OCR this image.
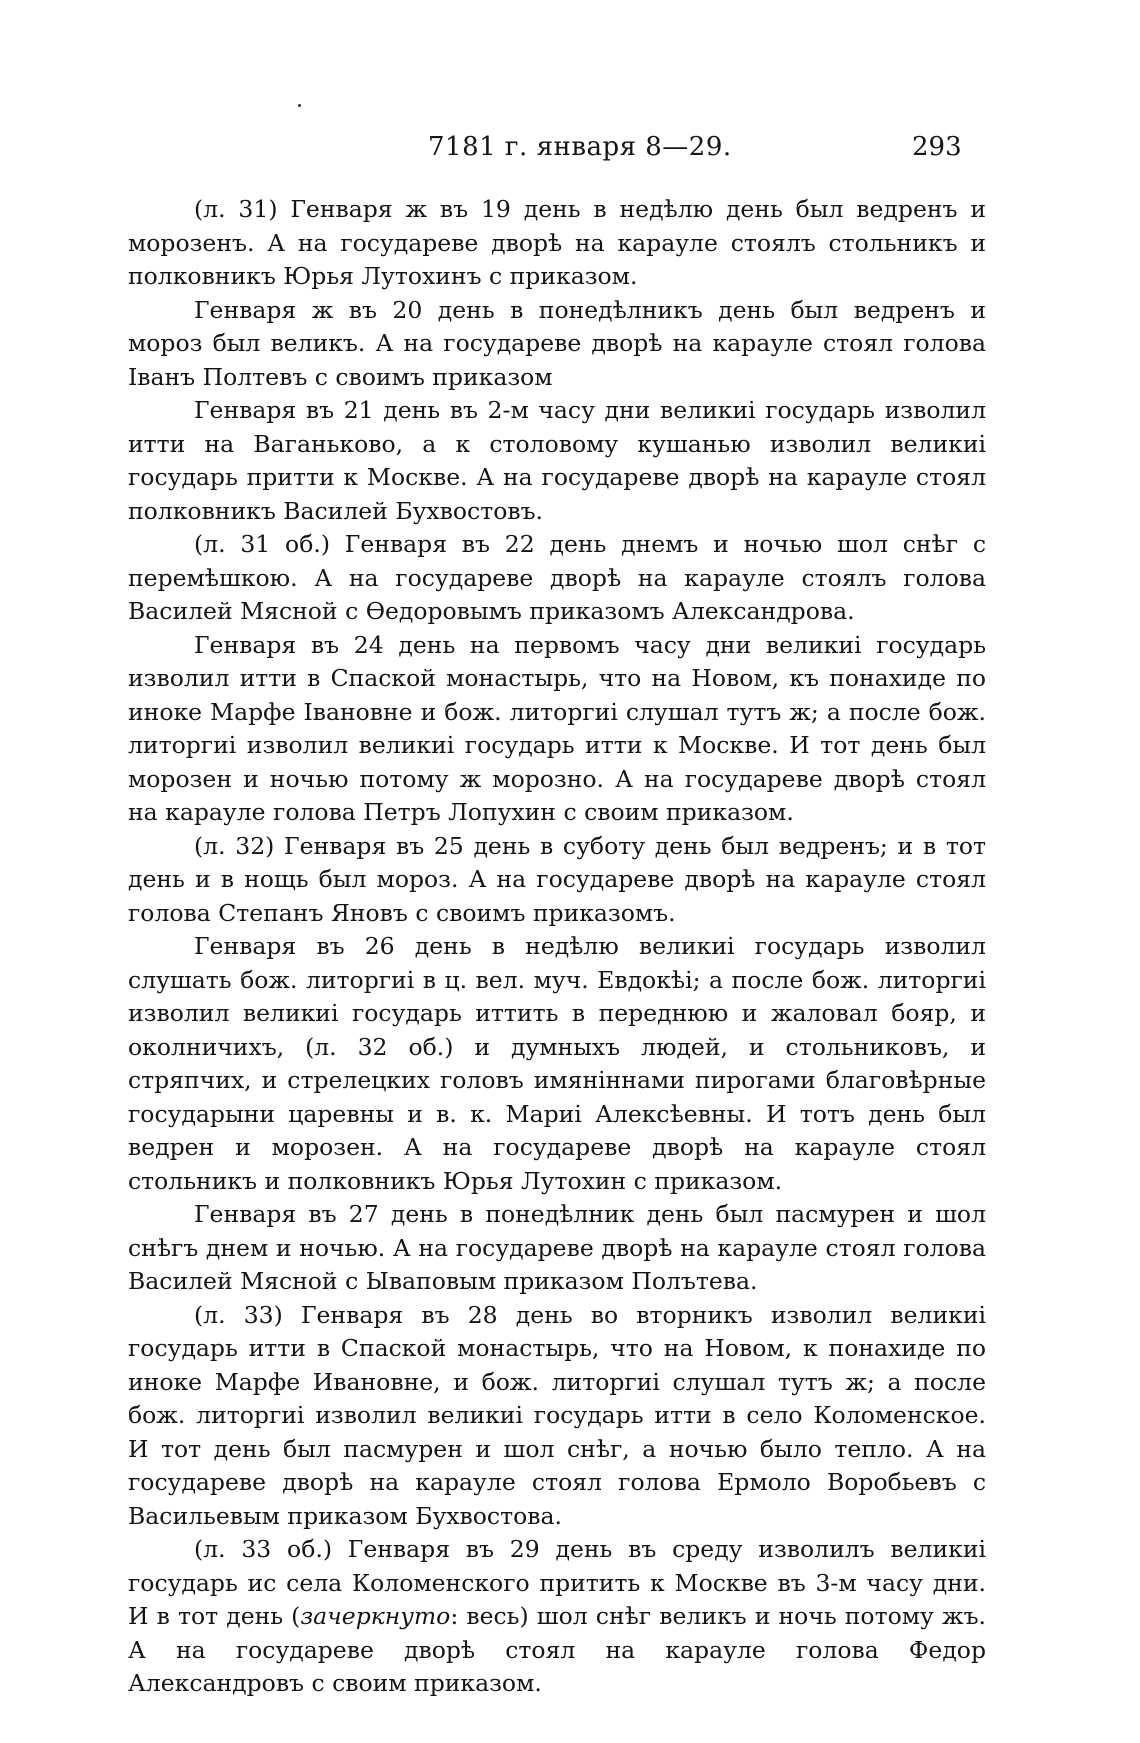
7181 г. января 8—29.	293

(л. 31) Генваря ж въ 19 день в недѣлю день был ведренъ и морозенъ. А на государеве дворѣ на карауле стоялъ стольникъ и полковникъ Юрья Лутохинъ с приказом.

Генваря ж въ 20 день в понедѣлникъ день был ведренъ и мороз был великъ. А на государеве дворѣ на карауле стоял голова Іванъ Полтевъ с своимъ приказом

Генваря въ 21 день въ 2-м часу дни великиі государь изволил итти на Ваганьково, а к столовому кушанью изволил великиі государь притти к Москве. А на государеве дворѣ на карауле стоял полковникъ Василей Бухвостовъ.

(л. 31 об.) Генваря въ 22 день днемъ и ночью шол снѣг с перемѣшкою. А на государеве дворѣ на карауле стоялъ голова Василей Мясной с Өедоровымъ приказомъ Александрова.

Генваря въ 24 день на первомъ часу дни великиі государь изволил итти в Спаской монастырь, что на Новом, къ понахиде по иноке Марфе Івановне и бож. литоргиі слушал тутъ ж; а после бож. литоргиі изволил великиі государь итти к Москве. И тот день был морозен и ночью потому ж морозно. А на государеве дворѣ стоял на карауле голова Петръ Лопухин с своим приказом.

(л. 32) Генваря въ 25 день в суботу день был ведренъ; и в тот день и в нощь был мороз. А на государеве дворѣ на карауле стоял голова Степанъ Яновъ с своимъ приказомъ.

Генваря въ 26 день в недѣлю великиі государь изволил слушать бож. литоргиі в ц. вел. муч. Евдокѣі; а после бож. литоргиі изволил великиі государь иттить в переднюю и жаловал бояр, и околничихъ, (л. 32 об.) и думныхъ людей, и стольниковъ, и стряпчих, и стрелецких головъ имяніннами пирогами благовѣрные государыни царевны и в. к. Мариі Алексѣевны. И тотъ день был ведрен и морозен. А на государеве дворѣ на карауле стоял стольникъ и полковникъ Юрья Лутохин с приказом.

Генваря въ 27 день в понедѣлник день был пасмурен и шол снѣгъ днем и ночью. А на государеве дворѣ на карауле стоял голова Василей Мясной с Ываповым приказом Полътева.

(л. 33) Генваря въ 28 день во вторникъ изволил великиі государь итти в Спаской монастырь, что на Новом, к понахиде по иноке Марфе Ивановне, и бож. литоргиі слушал тутъ ж; а после бож. литоргиі изволил великиі государь итти в село Коломенское. И тот день был пасмурен и шол снѣг, а ночью было тепло. А на государеве дворѣ на карауле стоял голова Ермоло Воробьевъ с Васильевым приказом Бухвостова.

(л. 33 об.) Генваря въ 29 день въ среду изволилъ великиі государь ис села Коломенского притить к Москве въ 3-м часу дни. И в тот день (зачеркнуто: весь) шол снѣг великъ и ночь потому жъ. А на государеве дворѣ стоял на карауле голова Федор Александровъ с своим приказом.
